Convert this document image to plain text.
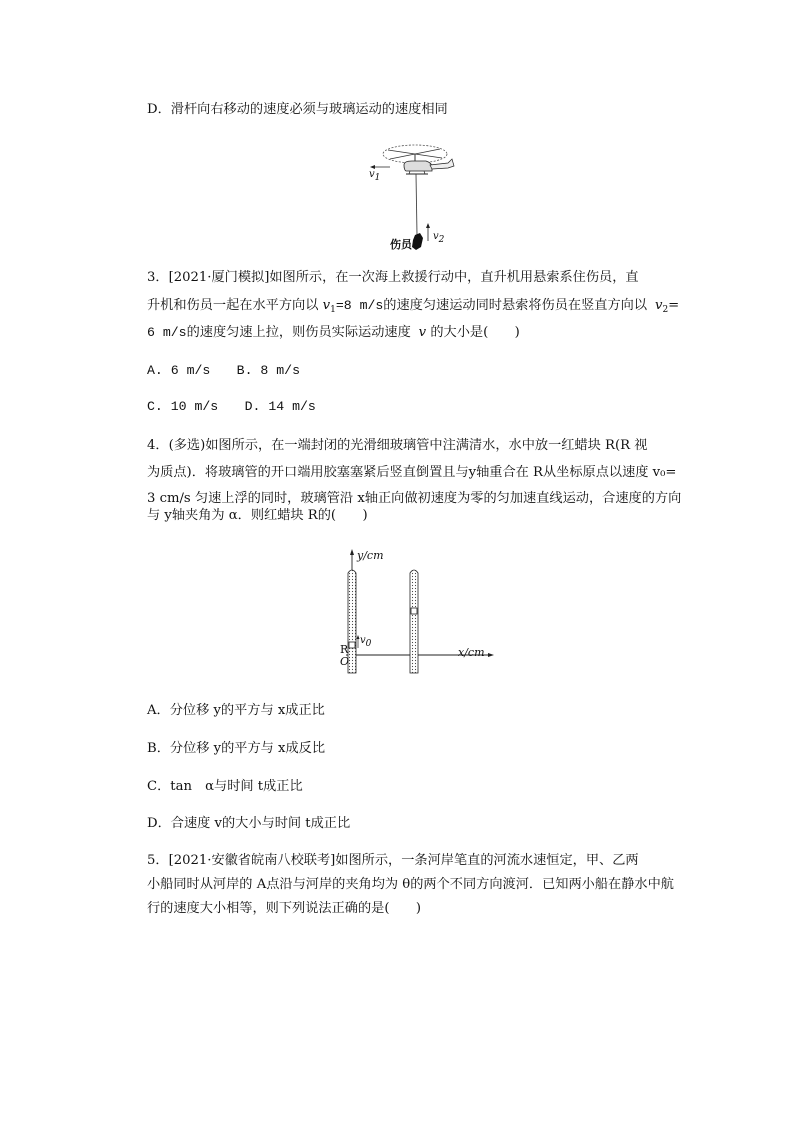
D．滑杆向右移动的速度必须与玻璃运动的速度相同
$v_1$
$v_2$
伤员
3．[2021·厦门模拟]如图所示，在一次海上救援行动中，直升机用悬索系住伤员，直
升机和伤员一起在水平方向以 $v_1=8$ m/s的速度匀速运动同时悬索将伤员在竖直方向以 $v_2=$
6 m/s的速度匀速上拉，则伤员实际运动速度 v 的大小是(　　)
A. 6 m/s　　B. 8 m/s
C. 10 m/s　　D. 14 m/s
4．(多选)如图所示，在一端封闭的光滑细玻璃管中注满清水，水中放一红蜡块 R(R 视
为质点)．将玻璃管的开口端用胶塞塞紧后竖直倒置且与y轴重合在 R从坐标原点以速度 v₀=
3 cm/s 匀速上浮的同时，玻璃管沿 x轴正向做初速度为零的匀加速直线运动，合速度的方向
与 y轴夹角为 α．则红蜡块 R的(　　)
y/cm
x/cm
R
O
$v_0$
A．分位移 y的平方与 x成正比
B．分位移 y的平方与 x成反比
C．tan　α与时间 t成正比
D．合速度 v的大小与时间 t成正比
5．[2021·安徽省皖南八校联考]如图所示，一条河岸笔直的河流水速恒定，甲、乙两
小船同时从河岸的 A点沿与河岸的夹角均为 θ的两个不同方向渡河．已知两小船在静水中航
行的速度大小相等，则下列说法正确的是(　　)
